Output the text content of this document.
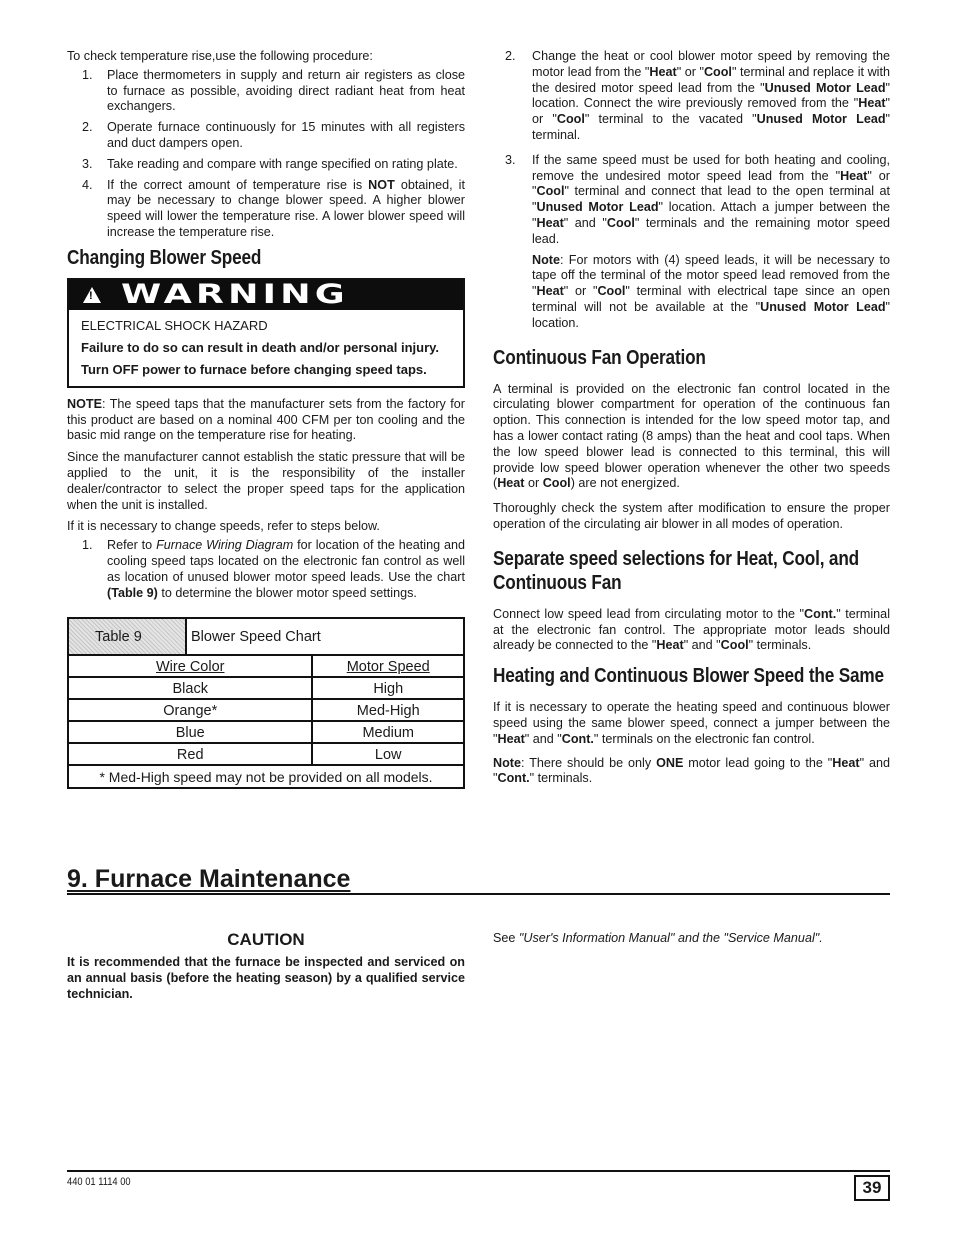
To check temperature rise,use the following procedure:

1.	Place thermometers in supply and return air registers as close to furnace as possible, avoiding direct radiant heat from heat exchangers.
2.	Operate furnace continuously for 15 minutes with all registers and duct dampers open.
3.	Take reading and compare with range specified on rating plate.
4.	If the correct amount of temperature rise is NOT obtained, it may be necessary to change blower speed. A higher blower speed will lower the temperature rise. A lower blower speed will increase the temperature rise.
Changing Blower Speed
! WARNING

ELECTRICAL SHOCK HAZARD

Failure to do so can result in death and/or personal injury.

Turn OFF power to furnace before changing speed taps.

NOTE: The speed taps that the manufacturer sets from the factory for this product are based on a nominal 400 CFM per ton cooling and the basic mid range on the temperature rise for heating.

Since the manufacturer cannot establish the static pressure that will be applied to the unit, it is the responsibility of the installer dealer/contractor to select the proper speed taps for the application when the unit is installed.

If it is necessary to change speeds, refer to steps below.

1.	Refer to Furnace Wiring Diagram for location of the heating and cooling speed taps located on the electronic fan control as well as location of unused blower motor speed leads. Use the chart (Table 9) to determine the blower motor speed settings.
Table 9	Blower Speed Chart	
Wire Color		Motor Speed
Black		High
Orange*		Med-High
Blue		Medium
Red		Low
* Med-High speed may not be provided on all models.		
2.	Change the heat or cool blower motor speed by removing the motor lead from the "Heat" or "Cool" terminal and replace it with the desired motor speed lead from the "Unused Motor Lead" location. Connect the wire previously removed from the "Heat" or "Cool" terminal to the vacated "Unused Motor Lead" terminal.
3.	If the same speed must be used for both heating and cooling, remove the undesired motor speed lead from the "Heat" or "Cool" terminal and connect that lead to the open terminal at "Unused Motor Lead" location. Attach a jumper between the "Heat" and "Cool" terminals and the remaining motor speed lead.

Note: For motors with (4) speed leads, it will be necessary to tape off the terminal of the motor speed lead removed from the "Heat" or "Cool" terminal with electrical tape since an open terminal will not be available at the "Unused Motor Lead" location.

Continuous Fan Operation

A terminal is provided on the electronic fan control located in the circulating blower compartment for operation of the continuous fan option. This connection is intended for the low speed motor tap, and has a lower contact rating (8 amps) than the heat and cool taps. When the low speed blower lead is connected to this terminal, this will provide low speed blower operation whenever the other two speeds (Heat or Cool) are not energized.

Thoroughly check the system after modification to ensure the proper operation of the circulating air blower in all modes of operation.

Separate speed selections for Heat, Cool, and Continuous Fan

Connect low speed lead from circulating motor to the "Cont." terminal at the electronic fan control. The appropriate motor leads should already be connected to the "Heat" and "Cool" terminals.

Heating and Continuous Blower Speed the Same

If it is necessary to operate the heating speed and continuous blower speed using the same blower speed, connect a jumper between the "Heat" and "Cont." terminals on the electronic fan control.

Note: There should be only ONE motor lead going to the "Heat" and "Cont." terminals.

9. Furnace Maintenance
CAUTION
It is recommended that the furnace be inspected and serviced on an annual basis (before the heating season) by a qualified service technician.
See "User's Information Manual" and the "Service Manual".
440 01 1114 00	39
